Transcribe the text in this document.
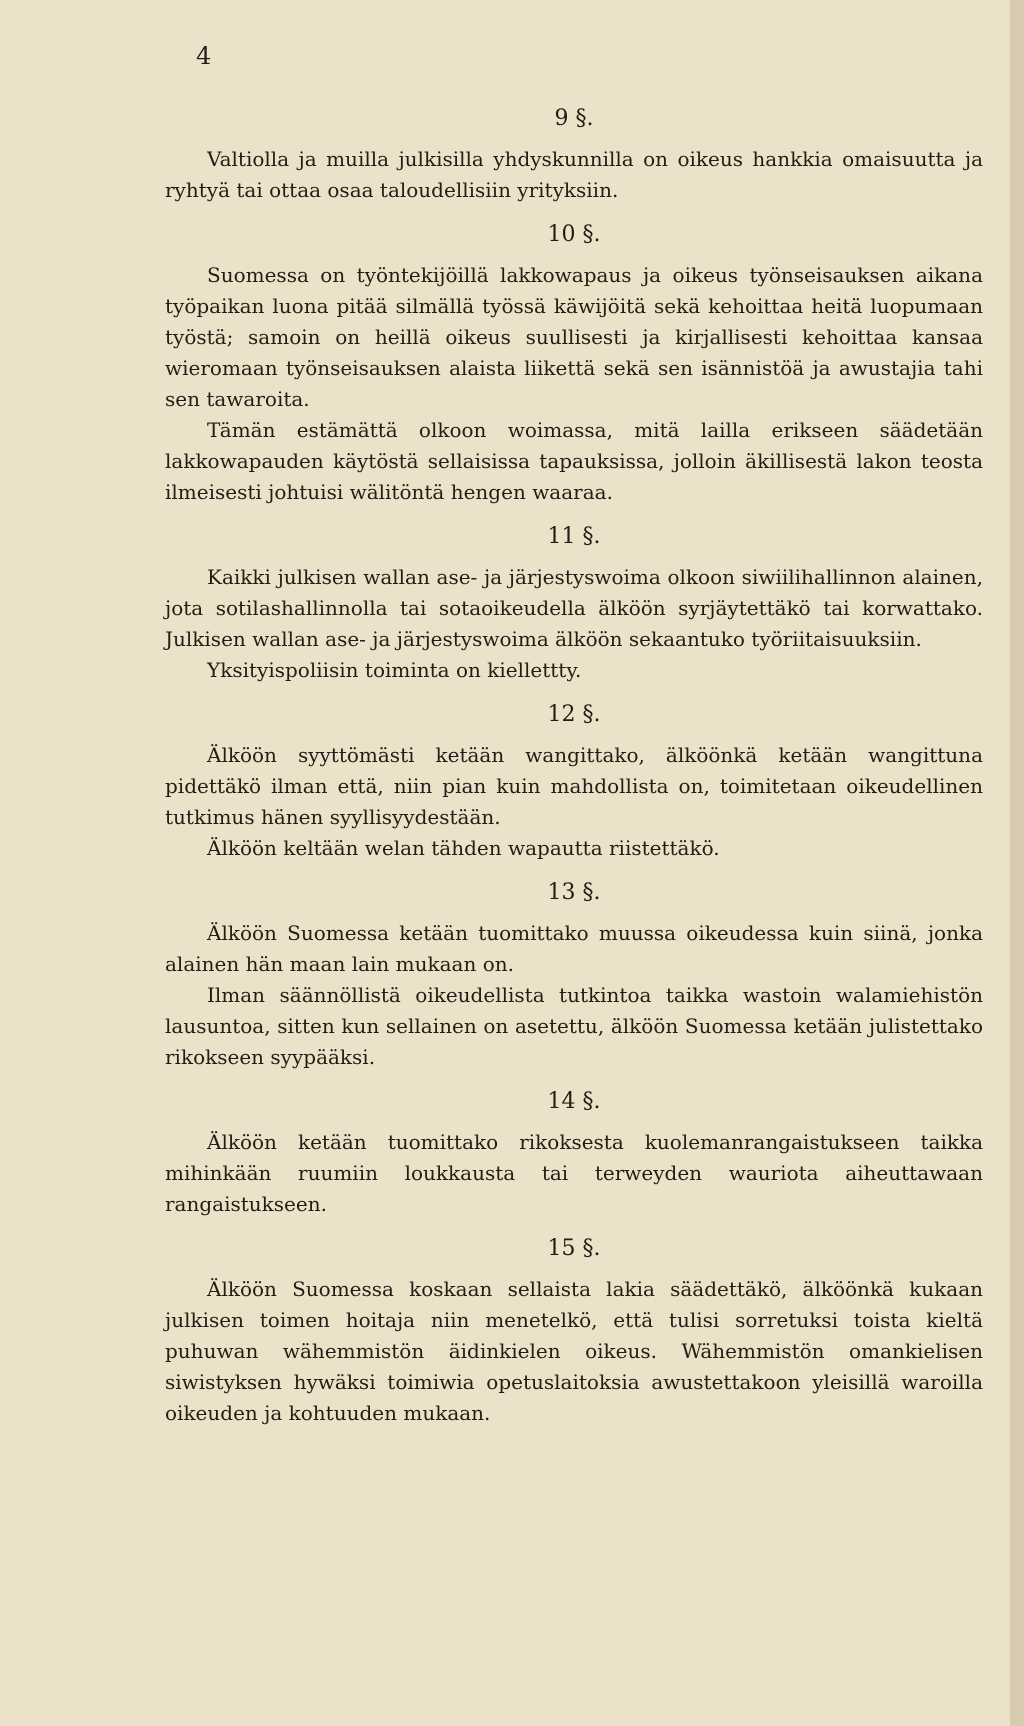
4
9 §.

Valtiolla ja muilla julkisilla yhdyskunnilla on oikeus hankkia omaisuutta ja ryhtyä tai ottaa osaa taloudellisiin yrityksiin.

10 §.

Suomessa on työntekijöillä lakkowapaus ja oikeus työnseisauksen aikana työpaikan luona pitää silmällä työssä käwijöitä sekä kehoittaa heitä luopumaan työstä; samoin on heillä oikeus suullisesti ja kirjallisesti kehoittaa kansaa wieromaan työnseisauksen alaista liikettä sekä sen isännistöä ja awustajia tahi sen tawaroita.

Tämän estämättä olkoon woimassa, mitä lailla erikseen säädetään lakkowapauden käytöstä sellaisissa tapauksissa, jolloin äkillisestä lakon teosta ilmeisesti johtuisi wälitöntä hengen waaraa.

11 §.

Kaikki julkisen wallan ase- ja järjestyswoima olkoon siwiilihallinnon alainen, jota sotilashallinnolla tai sotaoikeudella älköön syrjäytettäkö tai korwattako. Julkisen wallan ase- ja järjestyswoima älköön sekaantuko työriitaisuuksiin.

Yksityispoliisin toiminta on kiellettty.

12 §.

Älköön syyttömästi ketään wangittako, älköönkä ketään wangittuna pidettäkö ilman että, niin pian kuin mahdollista on, toimitetaan oikeudellinen tutkimus hänen syyllisyydestään.

Älköön keltään welan tähden wapautta riistettäkö.

13 §.

Älköön Suomessa ketään tuomittako muussa oikeudessa kuin siinä, jonka alainen hän maan lain mukaan on.

Ilman säännöllistä oikeudellista tutkintoa taikka wastoin walamiehistön lausuntoa, sitten kun sellainen on asetettu, älköön Suomessa ketään julistettako rikokseen syypääksi.

14 §.

Älköön ketään tuomittako rikoksesta kuolemanrangaistukseen taikka mihinkään ruumiin loukkausta tai terweyden wauriota aiheuttawaan rangaistukseen.

15 §.

Älköön Suomessa koskaan sellaista lakia säädettäkö, älköönkä kukaan julkisen toimen hoitaja niin menetelkö, että tulisi sorretuksi toista kieltä puhuwan wähemmistön äidinkielen oikeus. Wähemmistön omankielisen siwistyksen hywäksi toimiwia opetuslaitoksia awustettakoon yleisillä waroilla oikeuden ja kohtuuden mukaan.
